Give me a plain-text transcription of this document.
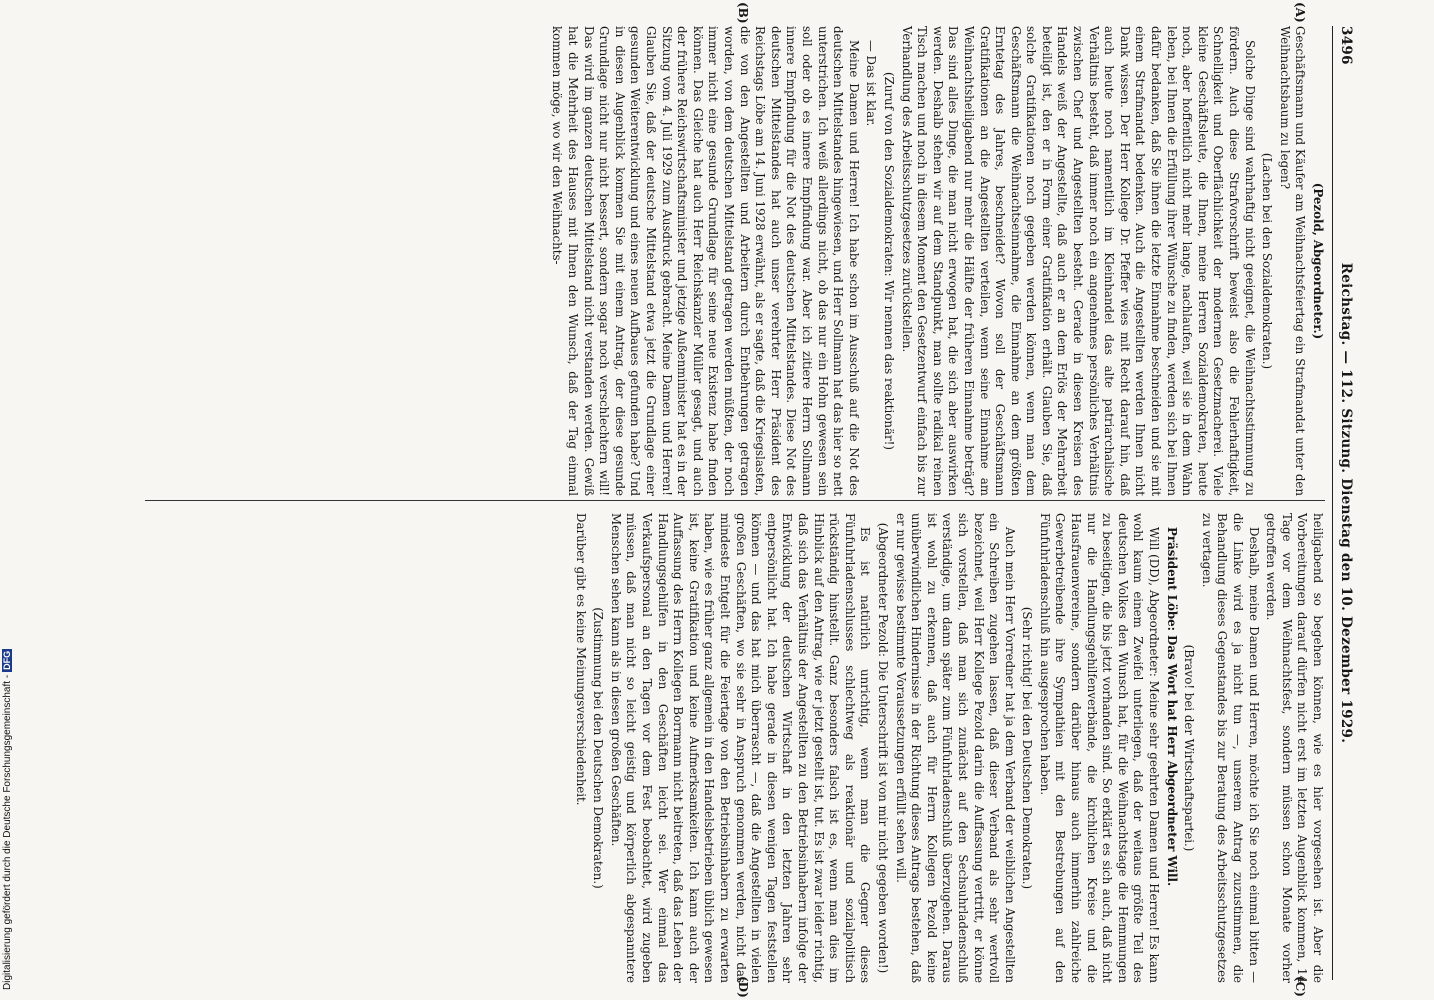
3496
Reichstag. — 112. Sitzung. Dienstag den 10. Dezember 1929.
(A)
(B)
(C)
(D)

(Pezold, Abgeordneter.)

Geschäftsmann und Käufer am Weihnachtsfeiertag ein Strafmandat unter den Weihnachtsbaum zu legen?

(Lachen bei den Sozialdemokraten.)

Solche Dinge sind wahrhaftig nicht geeignet, die Weihnachtsstimmung zu fördern. Auch diese Strafvorschrift beweist also die Fehlerhaftigkeit, Schnelligkeit und Oberflächlichkeit der modernen Gesetzmacherei. Viele kleine Geschäftsleute, die Ihnen, meine Herren Sozialdemokraten, heute noch, aber hoffentlich nicht mehr lange, nachlaufen, weil sie in dem Wahn leben, bei Ihnen die Erfüllung ihrer Wünsche zu finden, werden sich bei Ihnen dafür bedanken, daß Sie ihnen die letzte Einnahme beschneiden und sie mit einem Strafmandat bedenken. Auch die Angestellten werden Ihnen nicht Dank wissen. Der Herr Kollege Dr. Pfeffer wies mit Recht darauf hin, daß auch heute noch namentlich im Kleinhandel das alte patriarchalische Verhältnis besteht, daß immer noch ein angenehmes persönliches Verhältnis zwischen Chef und Angestellten besteht. Gerade in diesen Kreisen des Handels weiß der Angestellte, daß auch er an dem Erlös der Mehrarbeit beteiligt ist, den er in Form einer Gratifikation erhält. Glauben Sie, daß solche Gratifikationen noch gegeben werden können, wenn man dem Geschäftsmann die Weihnachtseinnahme, die Einnahme an dem größten Erntetag des Jahres, beschneidet? Wovon soll der Geschäftsmann Gratifikationen an die Angestellten verteilen, wenn seine Einnahme am Weihnachtsheiligabend nur mehr die Hälfte der früheren Einnahme beträgt? Das sind alles Dinge, die man nicht erwogen hat, die sich aber auswirken werden. Deshalb stehen wir auf dem Standpunkt, man sollte radikal reinen Tisch machen und noch in diesem Moment den Gesetzentwurf einfach bis zur Verhandlung des Arbeitsschutzgesetzes zurückstellen.

(Zuruf von den Sozialdemokraten: Wir nennen das reaktionär!)

— Das ist klar.

Meine Damen und Herren! Ich habe schon im Ausschuß auf die Not des deutschen Mittelstandes hingewiesen, und Herr Sollmann hat das hier so nett unterstrichen. Ich weiß allerdings nicht, ob das nur ein Hohn gewesen sein soll oder ob es innere Empfindung war. Aber ich zitiere Herrn Sollmann innere Empfindung für die Not des deutschen Mittelstandes. Diese Not des deutschen Mittelstandes hat auch unser verehrter Herr Präsident des Reichstags Löbe am 14. Juni 1928 erwähnt, als er sagte, daß die Kriegslasten, die von den Angestellten und Arbeitern durch Entbehrungen getragen worden, von dem deutschen Mittelstand getragen werden müßten, der noch immer nicht eine gesunde Grundlage für seine neue Existenz habe finden können. Das Gleiche hat auch Herr Reichskanzler Müller gesagt, und auch der frühere Reichswirtschaftsminister und jetzige Außenminister hat es in der Sitzung vom 4. Juli 1929 zum Ausdruck gebracht. Meine Damen und Herren! Glauben Sie, daß der deutsche Mittelstand etwa jetzt die Grundlage einer gesunden Weiterentwicklung und eines neuen Aufbaues gefunden habe? Und in diesen Augenblick kommen Sie mit einem Antrag, der diese gesunde Grundlage nicht nur nicht bessert, sondern sogar noch verschlechtern will! Das wird im ganzen deutschen Mittelstand nicht verstanden werden. Gewiß hat die Mehrheit des Hauses mit Ihnen den Wunsch, daß der Tag einmal kommen möge, wo wir den Weihnachts-

heiligabend so begehen können, wie es hier vorgesehen ist. Aber die Vorbereitungen darauf dürfen nicht erst im letzten Augenblick kommen, 14 Tage vor dem Weihnachtsfest, sondern müssen schon Monate vorher getroffen werden.

Deshalb, meine Damen und Herren, möchte ich Sie noch einmal bitten — die Linke wird es ja nicht tun —, unserem Antrag zuzustimmen, die Behandlung dieses Gegenstandes bis zur Beratung des Arbeitsschutzgesetzes zu vertagen.

(Bravo! bei der Wirtschaftspartei.)

Präsident Löbe: Das Wort hat Herr Abgeordneter Will.

Will (DD), Abgeordneter: Meine sehr geehrten Damen und Herren! Es kann wohl kaum einem Zweifel unterliegen, daß der weitaus größte Teil des deutschen Volkes den Wunsch hat, für die Weihnachtstage die Hemmungen zu beseitigen, die bis jetzt vorhanden sind. So erklärt es sich auch, daß nicht nur die Handlungsgehilfenverbände, die kirchlichen Kreise und die Hausfrauenvereine, sondern darüber hinaus auch immerhin zahlreiche Gewerbetreibende ihre Sympathien mit den Bestrebungen auf den Fünfuhrladenschluß hin ausgesprochen haben.

(Sehr richtig! bei den Deutschen Demokraten.)

Auch mein Herr Vorredner hat ja dem Verband der weiblichen Angestellten ein Schreiben zugehen lassen, daß dieser Verband als sehr wertvoll bezeichnet, weil Herr Kollege Pezold darin die Auffassung vertritt, er könne sich vorstellen, daß man sich zunächst auf den Sechsuhrladenschluß verständige, um dann später zum Fünfuhrladenschluß überzugehen. Daraus ist wohl zu erkennen, daß auch für Herrn Kollegen Pezold keine unüberwindlichen Hindernisse in der Richtung dieses Antrags bestehen, daß er nur gewisse bestimmte Voraussetzungen erfüllt sehen will.

(Abgeordneter Pezold: Die Unterschrift ist von mir nicht gegeben worden!)

Es ist natürlich unrichtig, wenn man die Gegner dieses Fünfuhrladenschlusses schlechtweg als reaktionär und sozialpolitisch rückständig hinstellt. Ganz besonders falsch ist es, wenn man dies im Hinblick auf den Antrag, wie er jetzt gestellt ist, tut. Es ist zwar leider richtig, daß sich das Verhältnis der Angestellten zu den Betriebsinhabern infolge der Entwicklung der deutschen Wirtschaft in den letzten Jahren sehr entpersönlicht hat. Ich habe gerade in diesen wenigen Tagen feststellen können — und das hat mich überrascht —, daß die Angestellten in vielen großen Geschäften, wo sie sehr in Anspruch genommen werden, nicht das mindeste Entgelt für die Feiertage von den Betriebsinhabern zu erwarten haben, wie es früher ganz allgemein in den Handelsbetrieben üblich gewesen ist, keine Gratifikation und keine Aufmerksamkeiten. Ich kann auch der Auffassung des Herrn Kollegen Borrmann nicht beitreten, daß das Leben der Handlungsgehilfen in den Geschäften leicht sei. Wer einmal das Verkaufspersonal an den Tagen vor dem Fest beobachtet, wird zugeben müssen, daß man nicht so leicht geistig und körperlich abgespanntere Menschen sehen kann als in diesen großen Geschäften.

(Zustimmung bei den Deutschen Demokraten.)

Darüber gibt es keine Meinungsverschiedenheit.

Digitalisierung gefördert durch die Deutsche Forschungsgemeinschaft -DFG
